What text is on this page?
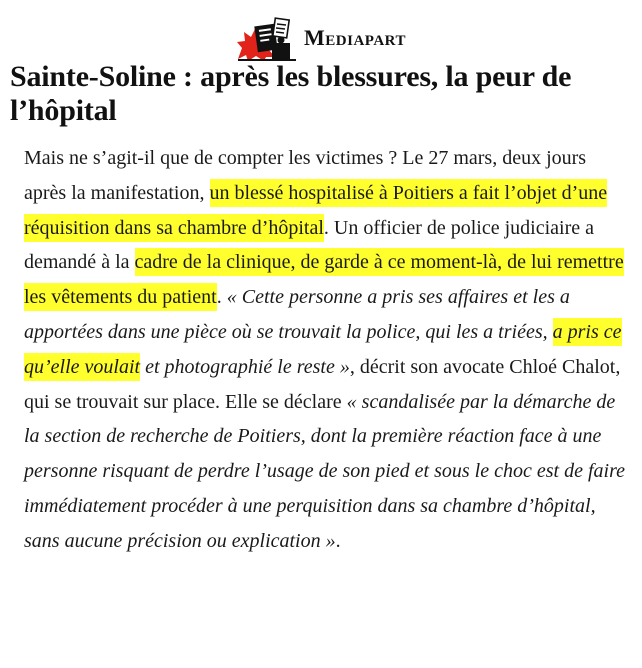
Mediapart
Sainte-Soline : après les blessures, la peur de l’hôpital

Mais ne s’agit-il que de compter les victimes ? Le 27 mars, deux jours après la manifestation, un blessé hospitalisé à Poitiers a fait l’objet d’une réquisition dans sa chambre d’hôpital. Un officier de police judiciaire a demandé à la cadre de la clinique, de garde à ce moment-là, de lui remettre les vêtements du patient. « Cette personne a pris ses affaires et les a apportées dans une pièce où se trouvait la police, qui les a triées, a pris ce qu’elle voulait et photographié le reste », décrit son avocate Chloé Chalot, qui se trouvait sur place. Elle se déclare « scandalisée par la démarche de la section de recherche de Poitiers, dont la première réaction face à une personne risquant de perdre l’usage de son pied et sous le choc est de faire immédiatement procéder à une perquisition dans sa chambre d’hôpital, sans aucune précision ou explication ».
